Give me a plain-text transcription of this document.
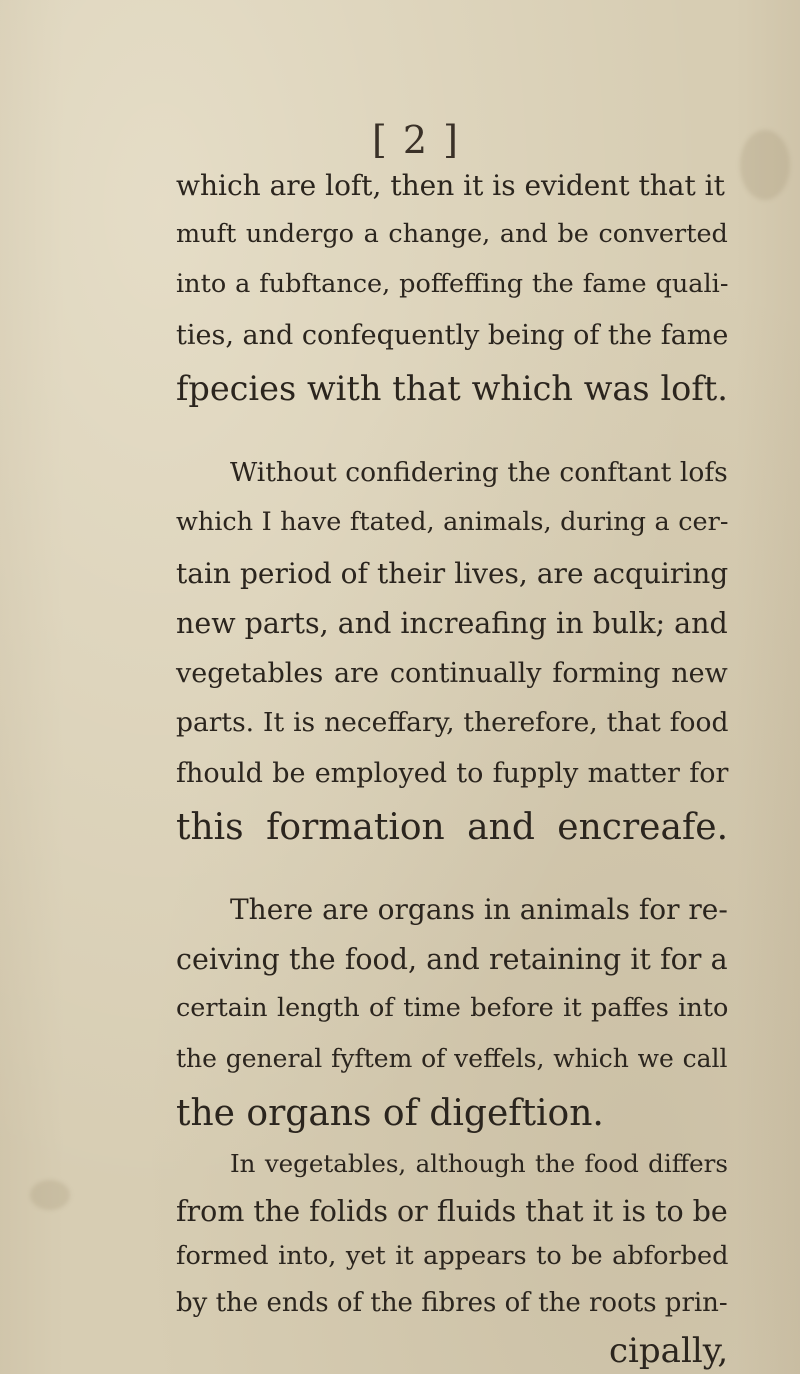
[ 2 ]
which are loft, then it is evident that it
muft undergo a change, and be converted
into a fubftance, poffeffing the fame quali-
ties, and confequently being of the fame
fpecies with that which was loft.
Without confidering the conftant lofs
which I have ftated, animals, during a cer-
tain period of their lives, are acquiring
new parts, and increafing in bulk; and
vegetables are continually forming new
parts. It is neceffary, therefore, that food
fhould be employed to fupply matter for
this formation and encreafe.
There are organs in animals for re-
ceiving the food, and retaining it for a
certain length of time before it paffes into
the general fyftem of veffels, which we call
the organs of digeftion.
In vegetables, although the food differs
from the folids or fluids that it is to be
formed into, yet it appears to be abforbed
by the ends of the fibres of the roots prin-
cipally,
